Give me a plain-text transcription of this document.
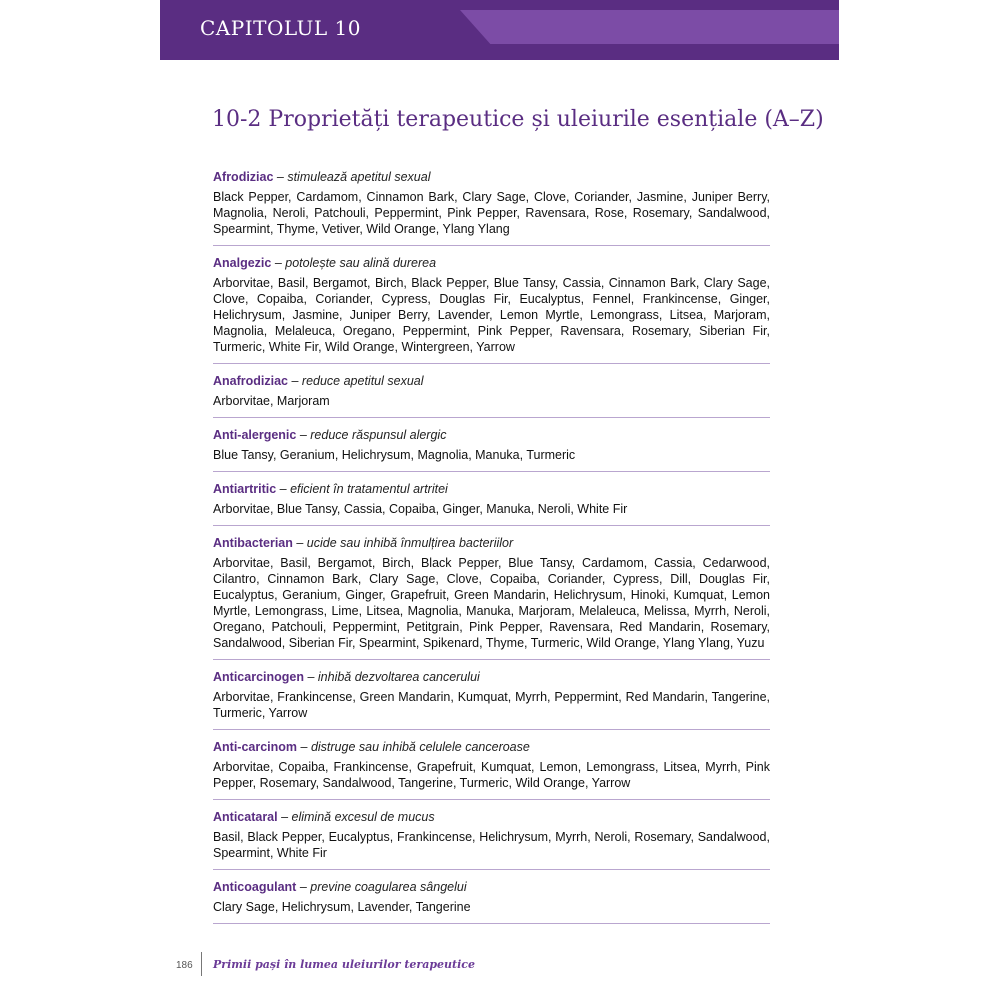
CAPITOLUL 10
10-2 Proprietăți terapeutice și uleiurile esențiale (A–Z)
Afrodiziac – stimulează apetitul sexual
Black Pepper, Cardamom, Cinnamon Bark, Clary Sage, Clove, Coriander, Jasmine, Juniper Berry, Magnolia, Neroli, Patchouli, Peppermint, Pink Pepper, Ravensara, Rose, Rosemary, Sandalwood, Spearmint, Thyme, Vetiver, Wild Orange, Ylang Ylang
Analgezic – potolește sau alină durerea
Arborvitae, Basil, Bergamot, Birch, Black Pepper, Blue Tansy, Cassia, Cinnamon Bark, Clary Sage, Clove, Copaiba, Coriander, Cypress, Douglas Fir, Eucalyptus, Fennel, Frankincense, Ginger, Helichrysum, Jasmine, Juniper Berry, Lavender, Lemon Myrtle, Lemongrass, Litsea, Marjoram, Magnolia, Melaleuca, Oregano, Peppermint, Pink Pepper, Ravensara, Rosemary, Siberian Fir, Turmeric, White Fir, Wild Orange, Wintergreen, Yarrow
Anafrodiziac – reduce apetitul sexual
Arborvitae, Marjoram
Anti-alergenic – reduce răspunsul alergic
Blue Tansy, Geranium, Helichrysum, Magnolia, Manuka, Turmeric
Antiartritic – eficient în tratamentul artritei
Arborvitae, Blue Tansy, Cassia, Copaiba, Ginger, Manuka, Neroli, White Fir
Antibacterian – ucide sau inhibă înmulțirea bacteriilor
Arborvitae, Basil, Bergamot, Birch, Black Pepper, Blue Tansy, Cardamom, Cassia, Cedarwood, Cilantro, Cinnamon Bark, Clary Sage, Clove, Copaiba, Coriander, Cypress, Dill, Douglas Fir, Eucalyptus, Geranium, Ginger, Grapefruit, Green Mandarin, Helichrysum, Hinoki, Kumquat, Lemon Myrtle, Lemongrass, Lime, Litsea, Magnolia, Manuka, Marjoram, Melaleuca, Melissa, Myrrh, Neroli, Oregano, Patchouli, Peppermint, Petitgrain, Pink Pepper, Ravensara, Red Mandarin, Rosemary, Sandalwood, Siberian Fir, Spearmint, Spikenard, Thyme, Turmeric, Wild Orange, Ylang Ylang, Yuzu
Anticarcinogen – inhibă dezvoltarea cancerului
Arborvitae, Frankincense, Green Mandarin, Kumquat, Myrrh, Peppermint, Red Mandarin, Tangerine, Turmeric, Yarrow
Anti-carcinom – distruge sau inhibă celulele canceroase
Arborvitae, Copaiba, Frankincense, Grapefruit, Kumquat, Lemon, Lemongrass, Litsea, Myrrh, Pink Pepper, Rosemary, Sandalwood, Tangerine, Turmeric, Wild Orange, Yarrow
Anticataral – elimină excesul de mucus
Basil, Black Pepper, Eucalyptus, Frankincense, Helichrysum, Myrrh, Neroli, Rosemary, Sandalwood, Spearmint, White Fir
Anticoagulant – previne coagularea sângelui
Clary Sage, Helichrysum, Lavender, Tangerine
186 Primii pași în lumea uleiurilor terapeutice
